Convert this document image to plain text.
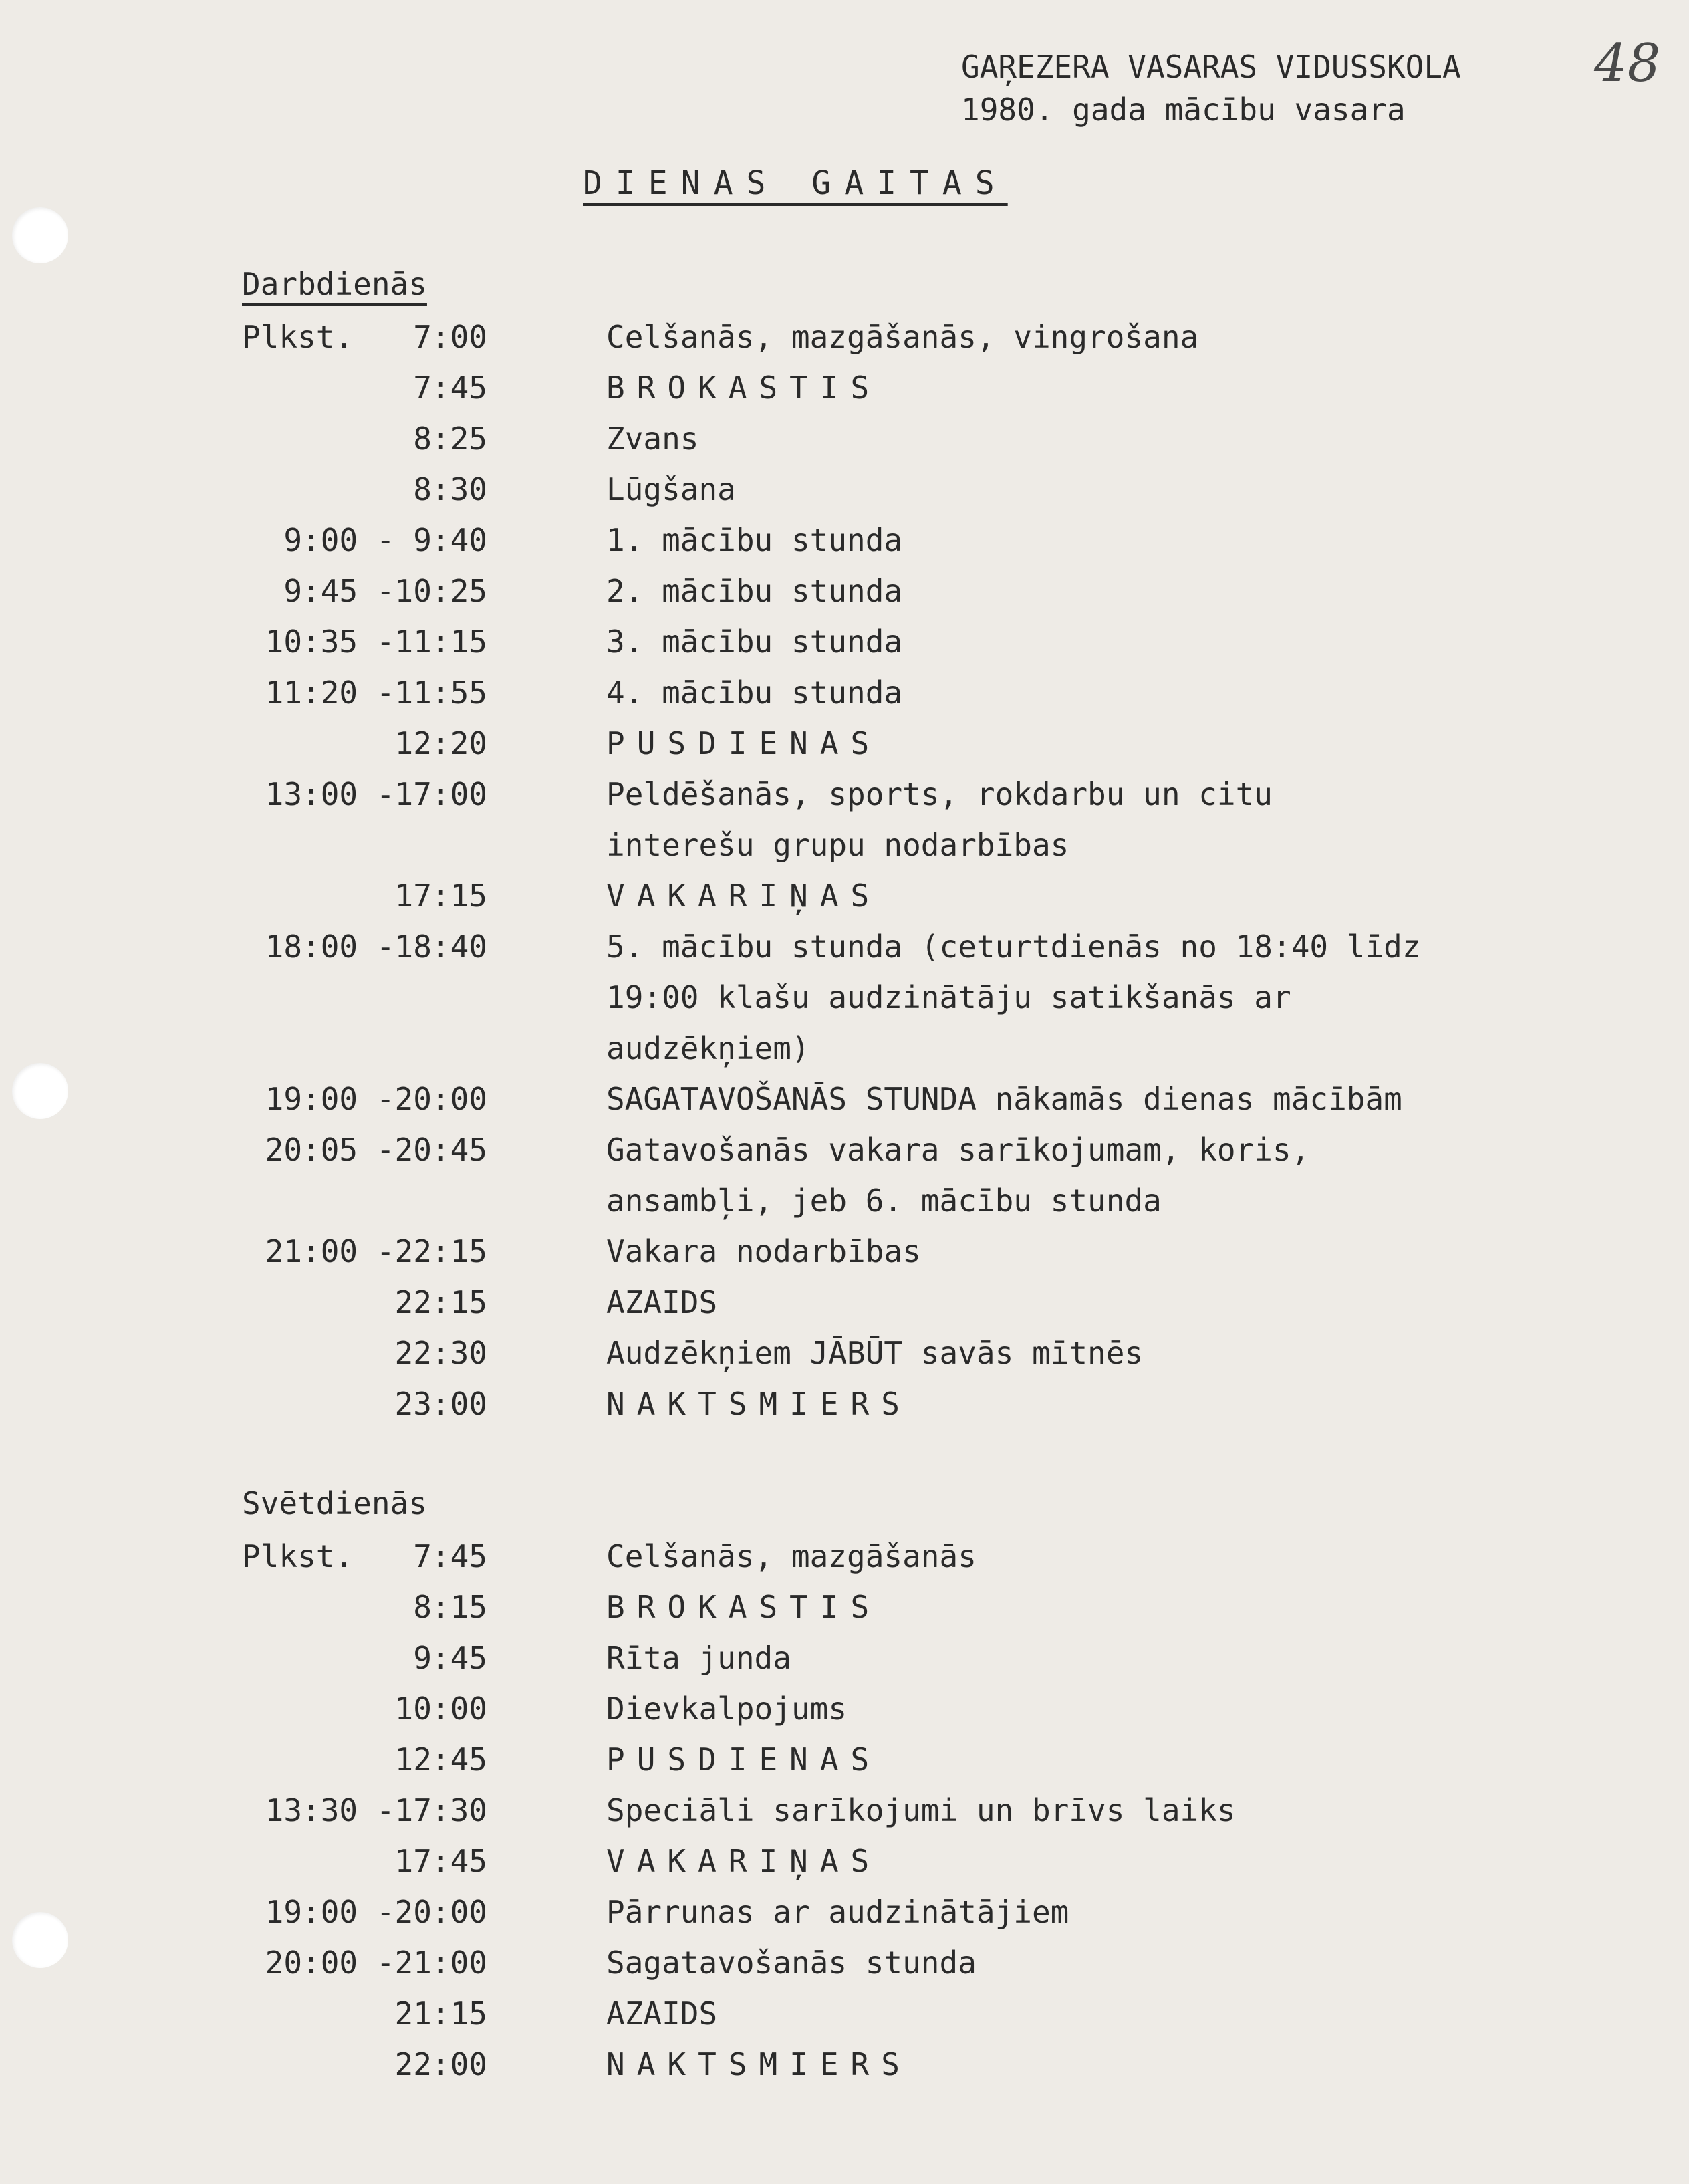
GAŖEZERA VASARAS VIDUSSKOLA
1980. gada mācību vasara
48
DIENAS GAITAS
Darbdienās
Plkst. 7:00	Celšanās, mazgāšanās, vingrošana
7:45	BROKASTIS
8:25	Zvans
8:30	Lūgšana
9:00 - 9:40	1. mācību stunda
9:45 -10:25	2. mācību stunda
10:35 -11:15	3. mācību stunda
11:20 -11:55	4. mācību stunda
12:20	PUSDIENAS
13:00 -17:00	Peldēšanās, sports, rokdarbu un citu
interešu grupu nodarbības
17:15	VAKARIŅAS
18:00 -18:40	5. mācību stunda (ceturtdienās no 18:40 līdz
19:00 klašu audzinātāju satikšanās ar
audzēkņiem)
19:00 -20:00	SAGATAVOŠANĀS STUNDA nākamās dienas mācībām
20:05 -20:45	Gatavošanās vakara sarīkojumam, koris,
ansambļi, jeb 6. mācību stunda
21:00 -22:15	Vakara nodarbības
22:15	AZAIDS
22:30	Audzēkņiem JĀBŪT savās mītnēs
23:00	NAKTSMIERS
Svētdienās
Plkst. 7:45	Celšanās, mazgāšanās
8:15	BROKASTIS
9:45	Rīta junda
10:00	Dievkalpojums
12:45	PUSDIENAS
13:30 -17:30	Speciāli sarīkojumi un brīvs laiks
17:45	VAKARIŅAS
19:00 -20:00	Pārrunas ar audzinātājiem
20:00 -21:00	Sagatavošanās stunda
21:15	AZAIDS
22:00	NAKTSMIERS
